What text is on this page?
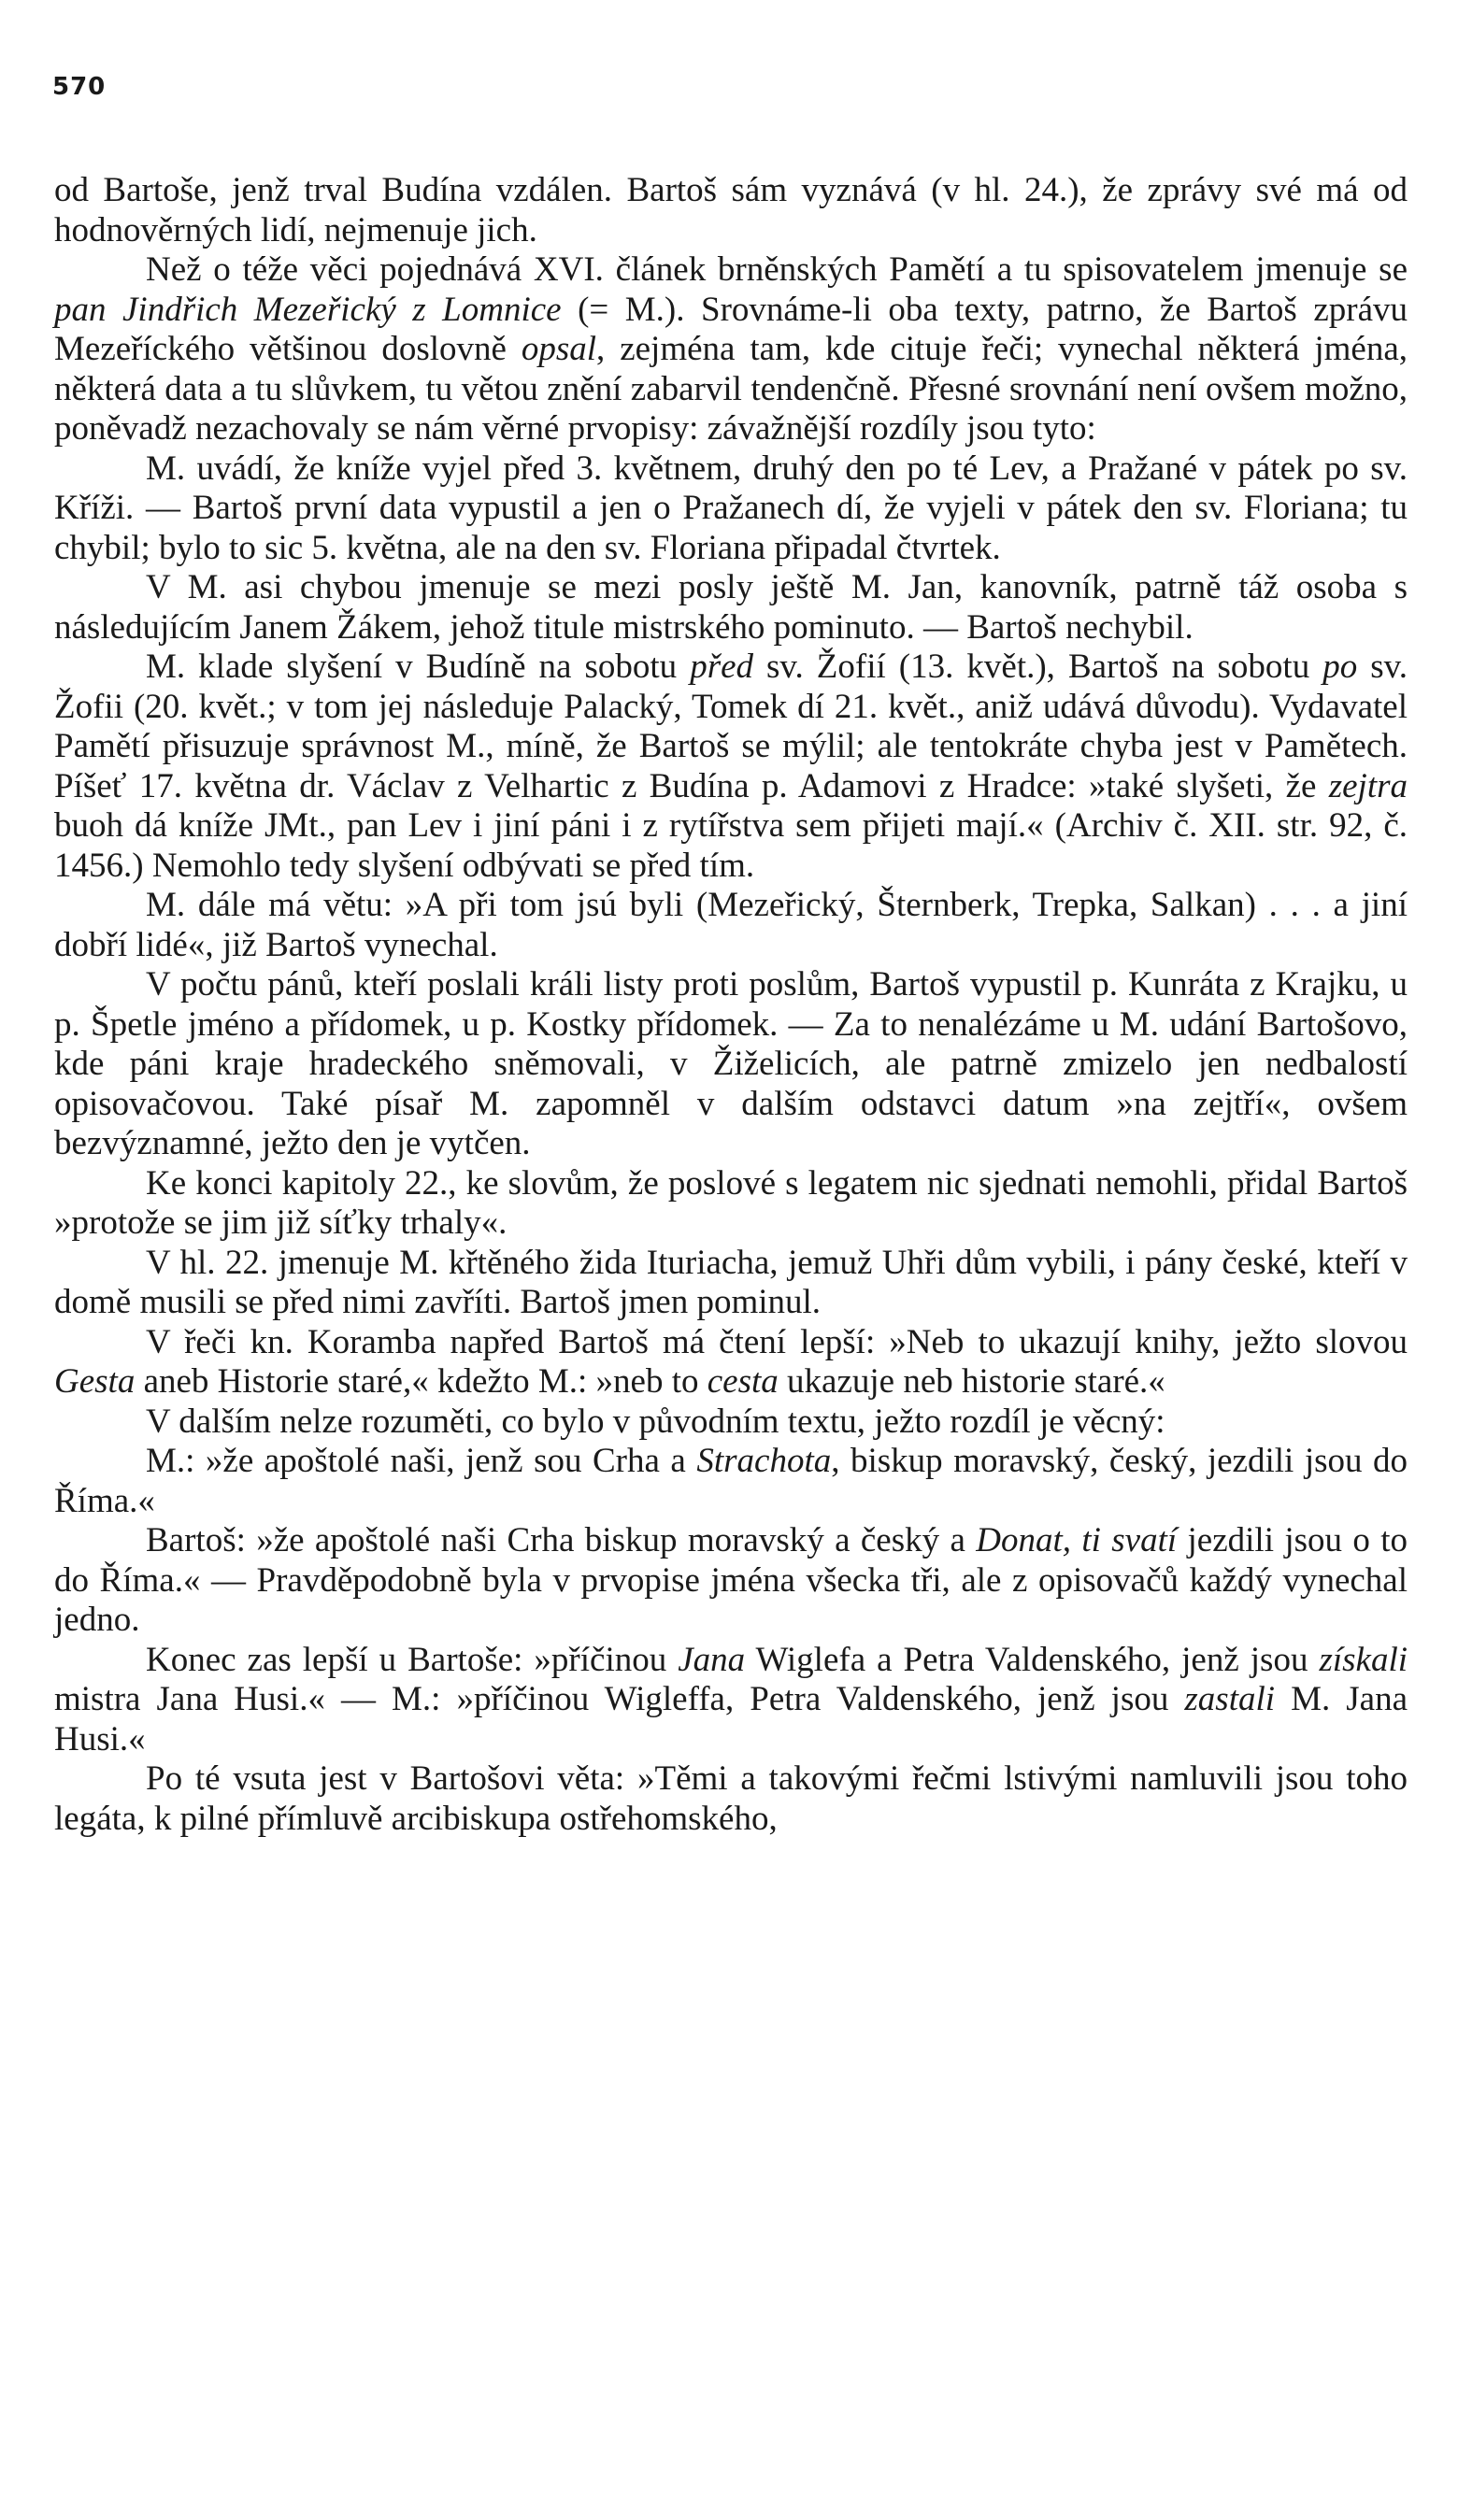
570

od Bartoše, jenž trval Budína vzdálen. Bartoš sám vyznává (v hl. 24.), že zprávy své má od hodnověrných lidí, nejmenuje jich.

Než o téže věci pojednává XVI. článek brněnských Pamětí a tu spisovatelem jmenuje se pan Jindřich Mezeřický z Lomnice (= M.). Srovnáme-li oba texty, patrno, že Bartoš zprávu Mezeříckého většinou doslovně opsal, zejména tam, kde cituje řeči; vynechal některá jména, některá data a tu slůvkem, tu větou znění zabarvil tendenčně. Přesné srovnání není ovšem možno, poněvadž nezachovaly se nám věrné prvopisy: závažnější rozdíly jsou tyto:

M. uvádí, že kníže vyjel před 3. květnem, druhý den po té Lev, a Pražané v pátek po sv. Kříži. — Bartoš první data vypustil a jen o Pražanech dí, že vyjeli v pátek den sv. Floriana; tu chybil; bylo to sic 5. května, ale na den sv. Floriana připadal čtvrtek.

V M. asi chybou jmenuje se mezi posly ještě M. Jan, kanovník, patrně táž osoba s následujícím Janem Žákem, jehož titule mistrského pominuto. — Bartoš nechybil.

M. klade slyšení v Budíně na sobotu před sv. Žofií (13. květ.), Bartoš na sobotu po sv. Žofii (20. květ.; v tom jej následuje Palacký, Tomek dí 21. květ., aniž udává důvodu). Vydavatel Pamětí přisuzuje správnost M., míně, že Bartoš se mýlil; ale tentokráte chyba jest v Pamětech. Píšeť 17. května dr. Václav z Velhartic z Budína p. Adamovi z Hradce: »také slyšeti, že zejtra buoh dá kníže JMt., pan Lev i jiní páni i z rytířstva sem přijeti mají.« (Archiv č. XII. str. 92, č. 1456.) Nemohlo tedy slyšení odbývati se před tím.

M. dále má větu: »A při tom jsú byli (Mezeřický, Šternberk, Trepka, Salkan) . . . a jiní dobří lidé«, již Bartoš vynechal.

V počtu pánů, kteří poslali králi listy proti poslům, Bartoš vypustil p. Kunráta z Krajku, u p. Špetle jméno a přídomek, u p. Kostky přídomek. — Za to nenalézáme u M. udání Bartošovo, kde páni kraje hradeckého sněmovali, v Žiželicích, ale patrně zmizelo jen nedbalostí opisovačovou. Také písař M. zapomněl v dalším odstavci datum »na zejtří«, ovšem bezvýznamné, ježto den je vytčen.

Ke konci kapitoly 22., ke slovům, že poslové s legatem nic sjednati nemohli, přidal Bartoš »protože se jim již síťky trhaly«.

V hl. 22. jmenuje M. křtěného žida Ituriacha, jemuž Uhři dům vybili, i pány české, kteří v domě musili se před nimi zavříti. Bartoš jmen pominul.

V řeči kn. Koramba napřed Bartoš má čtení lepší: »Neb to ukazují knihy, ježto slovou Gesta aneb Historie staré,« kdežto M.: »neb to cesta ukazuje neb historie staré.«

V dalším nelze rozuměti, co bylo v původním textu, ježto rozdíl je věcný:

M.: »že apoštolé naši, jenž sou Crha a Strachota, biskup moravský, český, jezdili jsou do Říma.«

Bartoš: »že apoštolé naši Crha biskup moravský a český a Donat, ti svatí jezdili jsou o to do Říma.« — Pravděpodobně byla v prvopise jména všecka tři, ale z opisovačů každý vynechal jedno.

Konec zas lepší u Bartoše: »příčinou Jana Wiglefa a Petra Valdenského, jenž jsou získali mistra Jana Husi.« — M.: »příčinou Wigleffa, Petra Valdenského, jenž jsou zastali M. Jana Husi.«

Po té vsuta jest v Bartošovi věta: »Těmi a takovými řečmi lstivými namluvili jsou toho legáta, k pilné přímluvě arcibiskupa ostřehomského,
